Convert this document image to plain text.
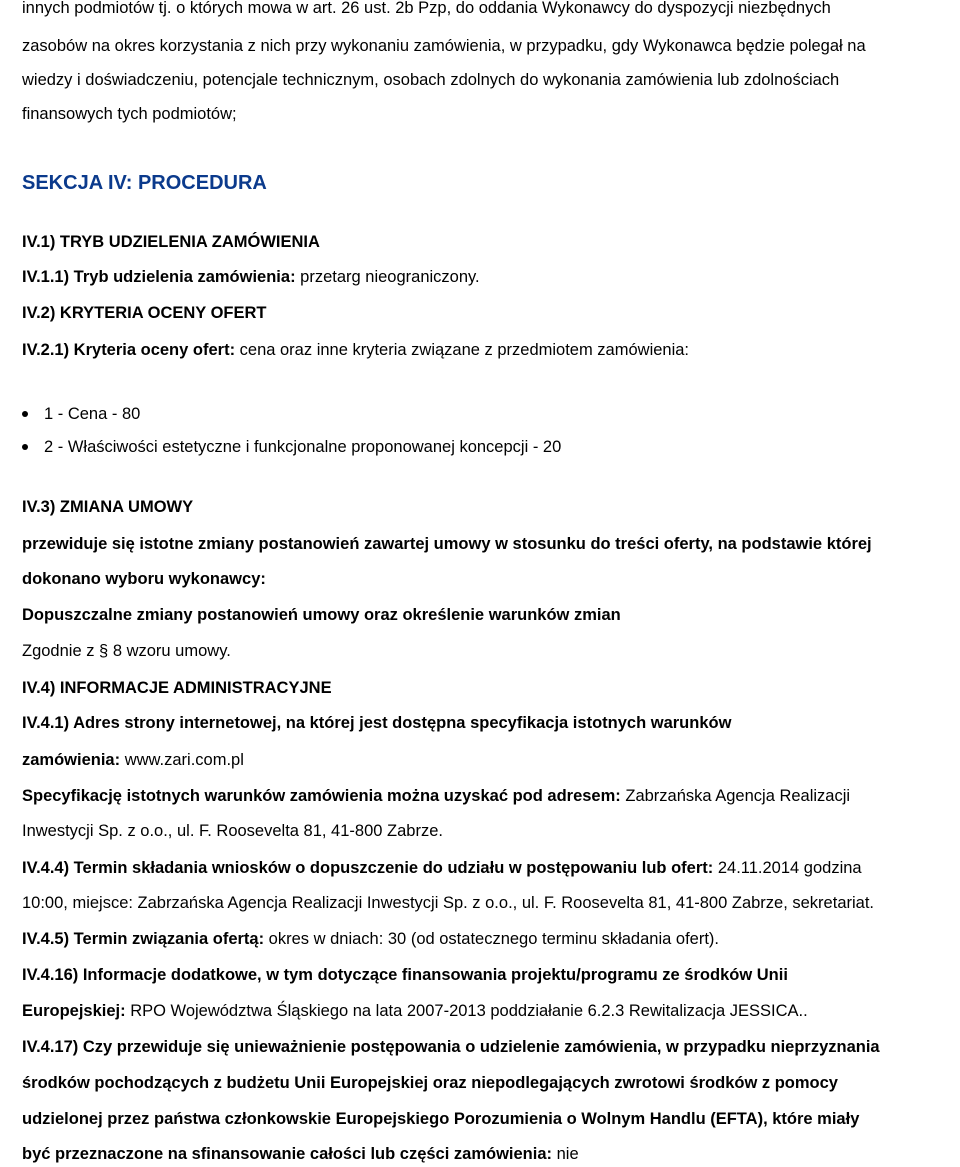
innych podmiotów tj. o których mowa w art. 26 ust. 2b Pzp, do oddania Wykonawcy do dyspozycji niezbędnych
zasobów na okres korzystania z nich przy wykonaniu zamówienia, w przypadku, gdy Wykonawca będzie polegał na
wiedzy i doświadczeniu, potencjale technicznym, osobach zdolnych do wykonania zamówienia lub zdolnościach
finansowych tych podmiotów;
SEKCJA IV: PROCEDURA
IV.1) TRYB UDZIELENIA ZAMÓWIENIA
IV.1.1) Tryb udzielenia zamówienia: przetarg nieograniczony.
IV.2) KRYTERIA OCENY OFERT
IV.2.1) Kryteria oceny ofert: cena oraz inne kryteria związane z przedmiotem zamówienia:
1 - Cena - 80
2 - Właściwości estetyczne i funkcjonalne proponowanej koncepcji - 20
IV.3) ZMIANA UMOWY
przewiduje się istotne zmiany postanowień zawartej umowy w stosunku do treści oferty, na podstawie której
dokonano wyboru wykonawcy:
Dopuszczalne zmiany postanowień umowy oraz określenie warunków zmian
Zgodnie z § 8 wzoru umowy.
IV.4) INFORMACJE ADMINISTRACYJNE
IV.4.1) Adres strony internetowej, na której jest dostępna specyfikacja istotnych warunków
zamówienia: www.zari.com.pl
Specyfikację istotnych warunków zamówienia można uzyskać pod adresem: Zabrzańska Agencja Realizacji
Inwestycji Sp. z o.o., ul. F. Roosevelta 81, 41-800 Zabrze.
IV.4.4) Termin składania wniosków o dopuszczenie do udziału w postępowaniu lub ofert: 24.11.2014 godzina
10:00, miejsce: Zabrzańska Agencja Realizacji Inwestycji Sp. z o.o., ul. F. Roosevelta 81, 41-800 Zabrze, sekretariat.
IV.4.5) Termin związania ofertą: okres w dniach: 30 (od ostatecznego terminu składania ofert).
IV.4.16) Informacje dodatkowe, w tym dotyczące finansowania projektu/programu ze środków Unii
Europejskiej: RPO Województwa Śląskiego na lata 2007-2013 poddziałanie 6.2.3 Rewitalizacja JESSICA..
IV.4.17) Czy przewiduje się unieważnienie postępowania o udzielenie zamówienia, w przypadku nieprzyznania
środków pochodzących z budżetu Unii Europejskiej oraz niepodlegających zwrotowi środków z pomocy
udzielonej przez państwa członkowskie Europejskiego Porozumienia o Wolnym Handlu (EFTA), które miały
być przeznaczone na sfinansowanie całości lub części zamówienia: nie
